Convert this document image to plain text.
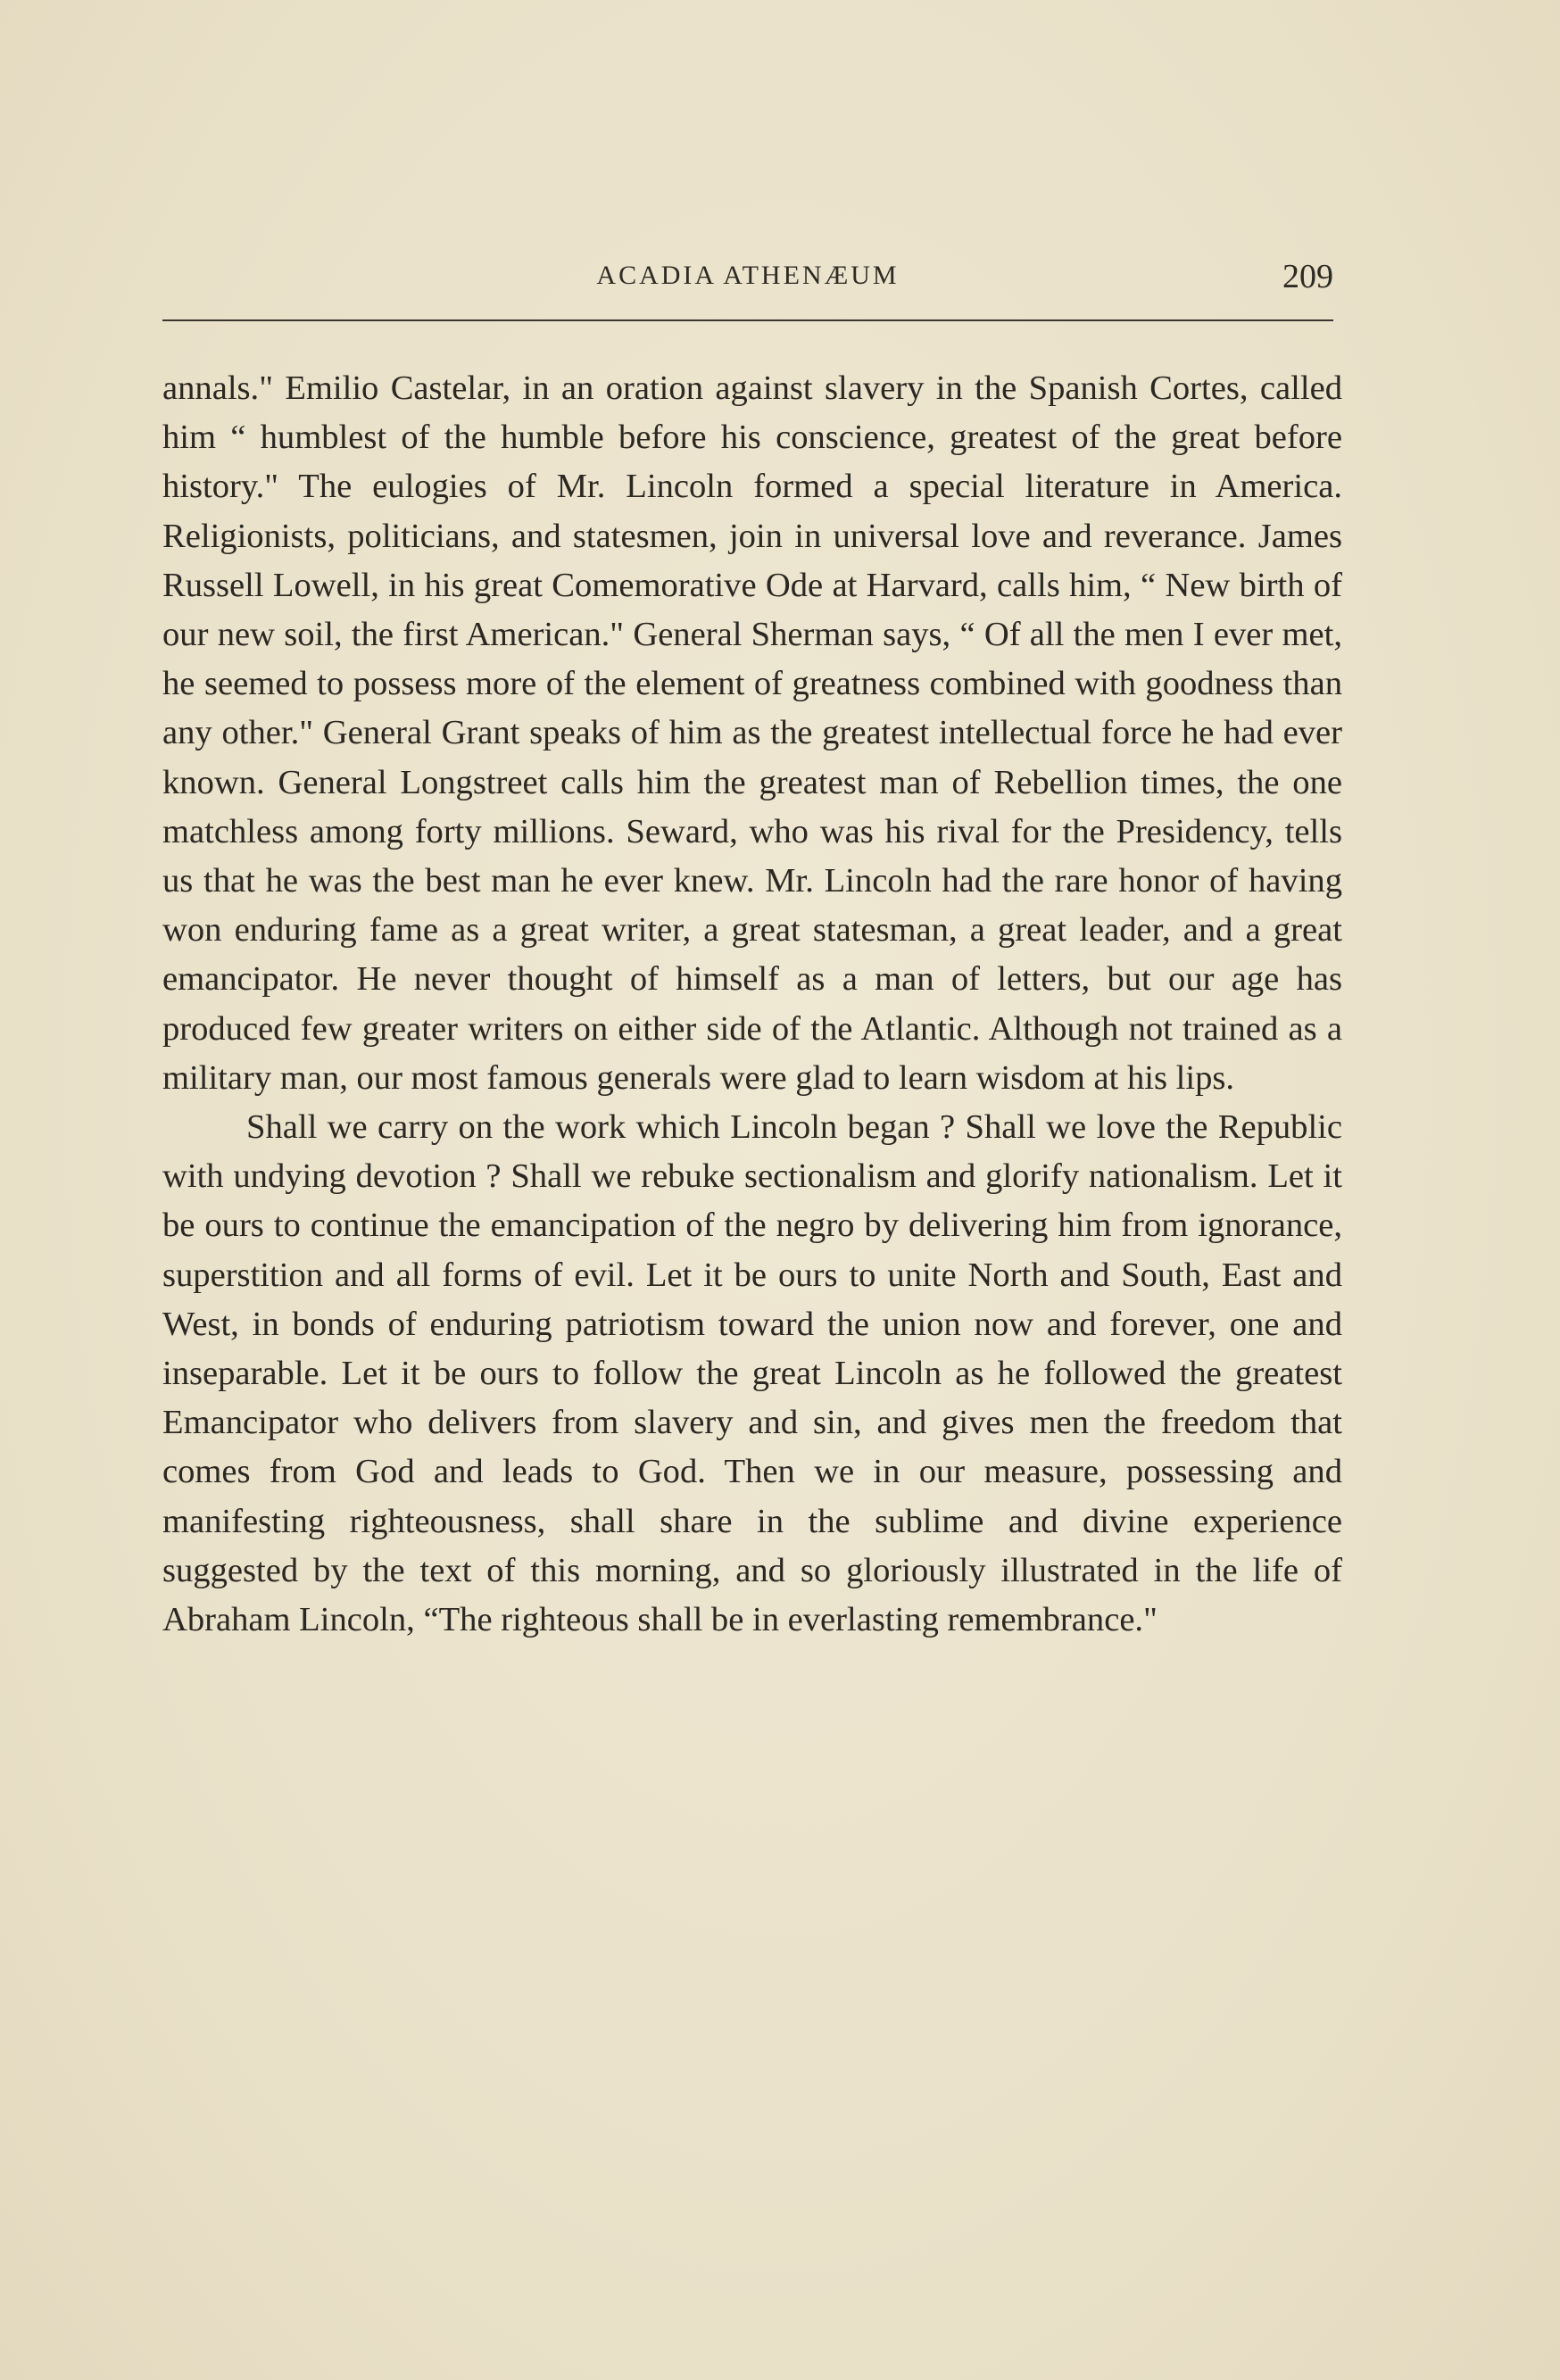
ACADIA ATHENÆUM	209

annals." Emilio Castelar, in an oration against slavery in the Spanish Cortes, called him “ humblest of the humble before his conscience, greatest of the great before history." The eulogies of Mr. Lincoln formed a special literature in America. Religionists, politicians, and statesmen, join in universal love and reverance. James Russell Lowell, in his great Comemorative Ode at Harvard, calls him, “ New birth of our new soil, the first American." General Sherman says, “ Of all the men I ever met, he seemed to possess more of the element of greatness combined with goodness than any other." General Grant speaks of him as the greatest intellectual force he had ever known. General Longstreet calls him the greatest man of Rebellion times, the one matchless among forty millions. Seward, who was his rival for the Presidency, tells us that he was the best man he ever knew. Mr. Lincoln had the rare honor of having won enduring fame as a great writer, a great statesman, a great leader, and a great emancipator. He never thought of himself as a man of letters, but our age has produced few greater writers on either side of the Atlantic. Although not trained as a military man, our most famous generals were glad to learn wisdom at his lips.

Shall we carry on the work which Lincoln began ? Shall we love the Republic with undying devotion ? Shall we rebuke sectionalism and glorify nationalism. Let it be ours to continue the emancipation of the negro by delivering him from ignorance, superstition and all forms of evil. Let it be ours to unite North and South, East and West, in bonds of enduring patriotism toward the union now and forever, one and inseparable. Let it be ours to follow the great Lincoln as he followed the greatest Emancipator who delivers from slavery and sin, and gives men the freedom that comes from God and leads to God. Then we in our measure, possessing and manifesting righteousness, shall share in the sublime and divine experience suggested by the text of this morning, and so gloriously illustrated in the life of Abraham Lincoln, “The righteous shall be in everlasting remembrance."
